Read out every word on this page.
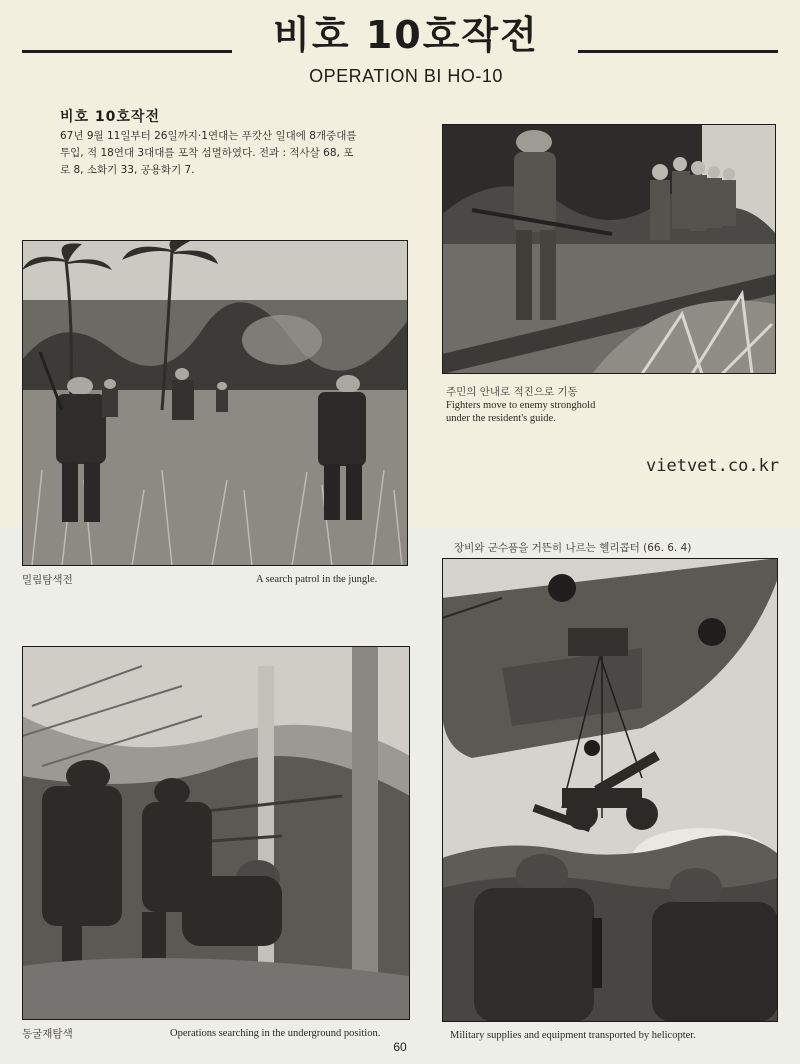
비호 10호작전
OPERATION BI HO-10
비호 10호작전

67년 9월 11일부터 26일까지·1연대는 푸캇산 일대에 8개중대를

투입, 적 18연대 3대대를 포착 섬멸하였다. 전과 : 적사살 68, 포

로 8, 소화기 33, 공용화기 7.

주민의 안내로 적진으로 기동
Fighters move to enemy stronghold
under the resident's guide.
vietvet.co.kr
밀림탐색전	A search patrol in the jungle.
장비와 군수품을 거뜬히 나르는 헬리콥터 (66. 6. 4)
Military supplies and equipment transported by helicopter.
동굴재탐색	Operations searching in the underground position.
60
